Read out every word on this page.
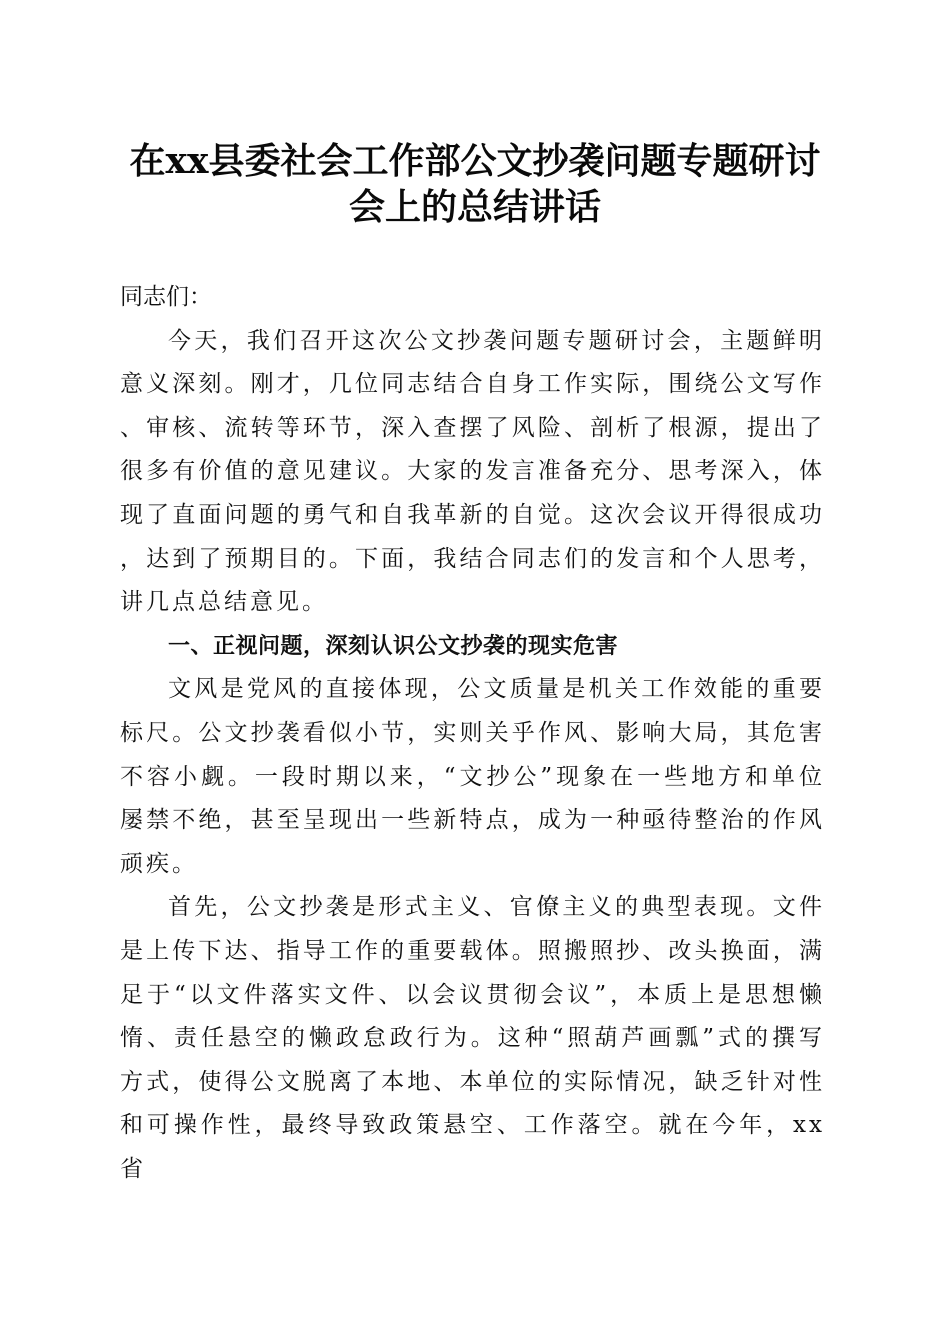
在xx县委社会工作部公文抄袭问题专题研讨
会上的总结讲话

同志们：

今天，我们召开这次公文抄袭问题专题研讨会，主题鲜明意义深刻。刚才，几位同志结合自身工作实际，围绕公文写作、审核、流转等环节，深入查摆了风险、剖析了根源，提出了很多有价值的意见建议。大家的发言准备充分、思考深入，体现了直面问题的勇气和自我革新的自觉。这次会议开得很成功，达到了预期目的。下面，我结合同志们的发言和个人思考，讲几点总结意见。

一、正视问题，深刻认识公文抄袭的现实危害

文风是党风的直接体现，公文质量是机关工作效能的重要标尺。公文抄袭看似小节，实则关乎作风、影响大局，其危害不容小觑。一段时期以来，“文抄公”现象在一些地方和单位屡禁不绝，甚至呈现出一些新特点，成为一种亟待整治的作风顽疾。

首先，公文抄袭是形式主义、官僚主义的典型表现。文件是上传下达、指导工作的重要载体。照搬照抄、改头换面，满足于“以文件落实文件、以会议贯彻会议”，本质上是思想懒惰、责任悬空的懒政怠政行为。这种“照葫芦画瓢”式的撰写方式，使得公文脱离了本地、本单位的实际情况，缺乏针对性和可操作性，最终导致政策悬空、工作落空。就在今年，xx省
